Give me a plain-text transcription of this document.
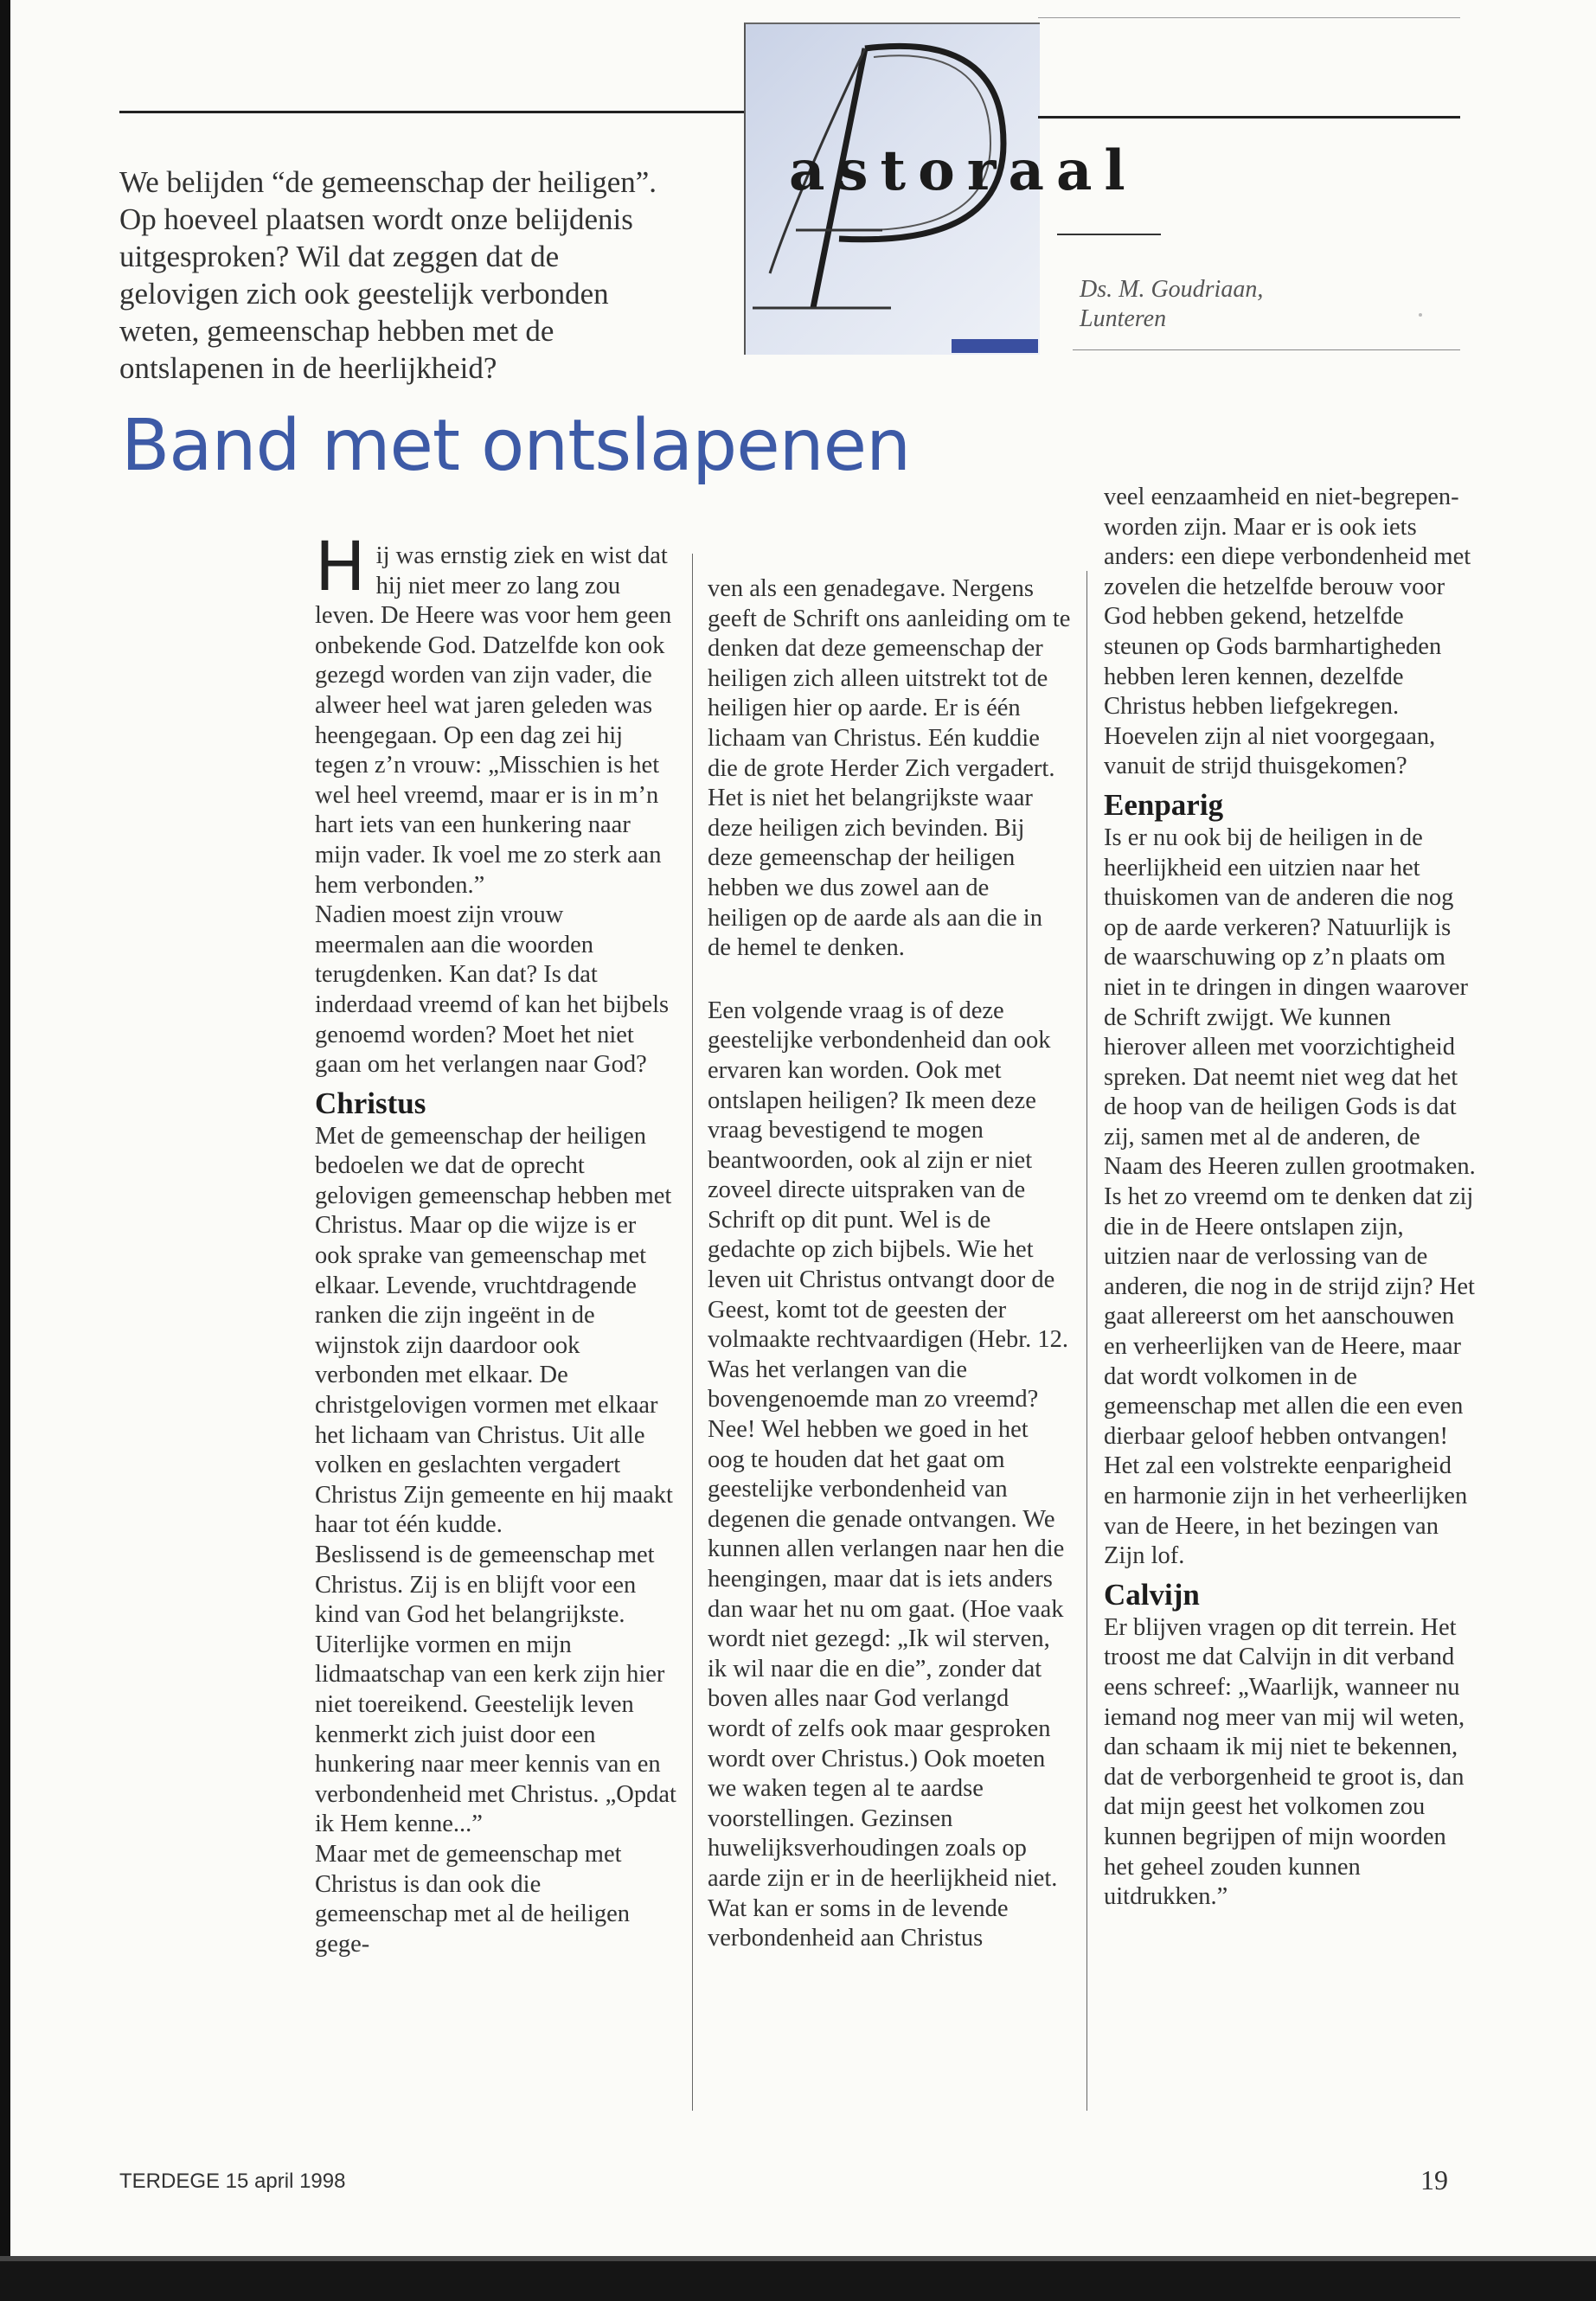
We belijden “de gemeenschap der heiligen”. Op hoeveel plaatsen wordt onze belijdenis uitgesproken? Wil dat zeggen dat de gelovigen zich ook geestelijk verbonden weten, gemeenschap hebben met de ontslapenen in de heerlijkheid?

astoraal
Ds. M. Goudriaan,
Lunteren
Band met ontslapenen

Hij was ernstig ziek en wist dat hij niet meer zo lang zou leven. De Heere was voor hem geen onbekende God. Datzelfde kon ook gezegd worden van zijn vader, die alweer heel wat jaren geleden was heengegaan. Op een dag zei hij tegen z’n vrouw: „Misschien is het wel heel vreemd, maar er is in m’n hart iets van een hunkering naar mijn vader. Ik voel me zo sterk aan hem verbonden.”

Nadien moest zijn vrouw meermalen aan die woorden terugdenken. Kan dat? Is dat inderdaad vreemd of kan het bijbels genoemd worden? Moet het niet gaan om het verlangen naar God?

Christus

Met de gemeenschap der heiligen bedoelen we dat de oprecht gelovigen gemeenschap hebben met Christus. Maar op die wijze is er ook sprake van gemeenschap met elkaar. Levende, vruchtdragende ranken die zijn ingeënt in de wijnstok zijn daardoor ook verbonden met elkaar. De christgelovigen vormen met elkaar het lichaam van Christus. Uit alle volken en geslachten vergadert Christus Zijn gemeente en hij maakt haar tot één kudde.

Beslissend is de gemeenschap met Christus. Zij is en blijft voor een kind van God het belangrijkste. Uiterlijke vormen en mijn lidmaatschap van een kerk zijn hier niet toereikend. Geestelijk leven kenmerkt zich juist door een hunkering naar meer kennis van en verbondenheid met Christus. „Opdat ik Hem kenne...”

Maar met de gemeenschap met Christus is dan ook die gemeenschap met al de heiligen gege-

ven als een genadegave. Nergens geeft de Schrift ons aanleiding om te denken dat deze gemeenschap der heiligen zich alleen uitstrekt tot de heiligen hier op aarde. Er is één lichaam van Christus. Eén kuddie die de grote Herder Zich vergadert. Het is niet het belangrijkste waar deze heiligen zich bevinden. Bij deze gemeenschap der heiligen hebben we dus zowel aan de heiligen op de aarde als aan die in de hemel te denken.

Een volgende vraag is of deze geestelijke verbondenheid dan ook ervaren kan worden. Ook met ontslapen heiligen? Ik meen deze vraag bevestigend te mogen beantwoorden, ook al zijn er niet zoveel directe uitspraken van de Schrift op dit punt. Wel is de gedachte op zich bijbels. Wie het leven uit Christus ontvangt door de Geest, komt tot de geesten der volmaakte rechtvaardigen (Hebr. 12.

Was het verlangen van die bovengenoemde man zo vreemd? Nee! Wel hebben we goed in het oog te houden dat het gaat om geestelijke verbondenheid van degenen die genade ontvangen. We kunnen allen verlangen naar hen die heengingen, maar dat is iets anders dan waar het nu om gaat. (Hoe vaak wordt niet gezegd: „Ik wil sterven, ik wil naar die en die”, zonder dat boven alles naar God verlangd wordt of zelfs ook maar gesproken wordt over Christus.) Ook moeten we waken tegen al te aardse voorstellingen. Gezinsen huwelijksverhoudingen zoals op aarde zijn er in de heerlijkheid niet.

Wat kan er soms in de levende verbondenheid aan Christus

veel eenzaamheid en niet-begrepen-worden zijn. Maar er is ook iets anders: een diepe verbondenheid met zovelen die hetzelfde berouw voor God hebben gekend, hetzelfde steunen op Gods barmhartigheden hebben leren kennen, dezelfde Christus hebben liefgekregen. Hoevelen zijn al niet voorgegaan, vanuit de strijd thuisgekomen?

Eenparig

Is er nu ook bij de heiligen in de heerlijkheid een uitzien naar het thuiskomen van de anderen die nog op de aarde verkeren? Natuurlijk is de waarschuwing op z’n plaats om niet in te dringen in dingen waarover de Schrift zwijgt. We kunnen hierover alleen met voorzichtigheid spreken. Dat neemt niet weg dat het de hoop van de heiligen Gods is dat zij, samen met al de anderen, de Naam des Heeren zullen grootmaken. Is het zo vreemd om te denken dat zij die in de Heere ontslapen zijn, uitzien naar de verlossing van de anderen, die nog in de strijd zijn? Het gaat allereerst om het aanschouwen en verheerlijken van de Heere, maar dat wordt volkomen in de gemeenschap met allen die een even dierbaar geloof hebben ontvangen! Het zal een volstrekte eenparigheid en harmonie zijn in het verheerlijken van de Heere, in het bezingen van Zijn lof.

Calvijn

Er blijven vragen op dit terrein. Het troost me dat Calvijn in dit verband eens schreef: „Waarlijk, wanneer nu iemand nog meer van mij wil weten, dan schaam ik mij niet te bekennen, dat de verborgenheid te groot is, dan dat mijn geest het volkomen zou kunnen begrijpen of mijn woorden het geheel zouden kunnen uitdrukken.”

TERDEGE 15 april 1998	19
